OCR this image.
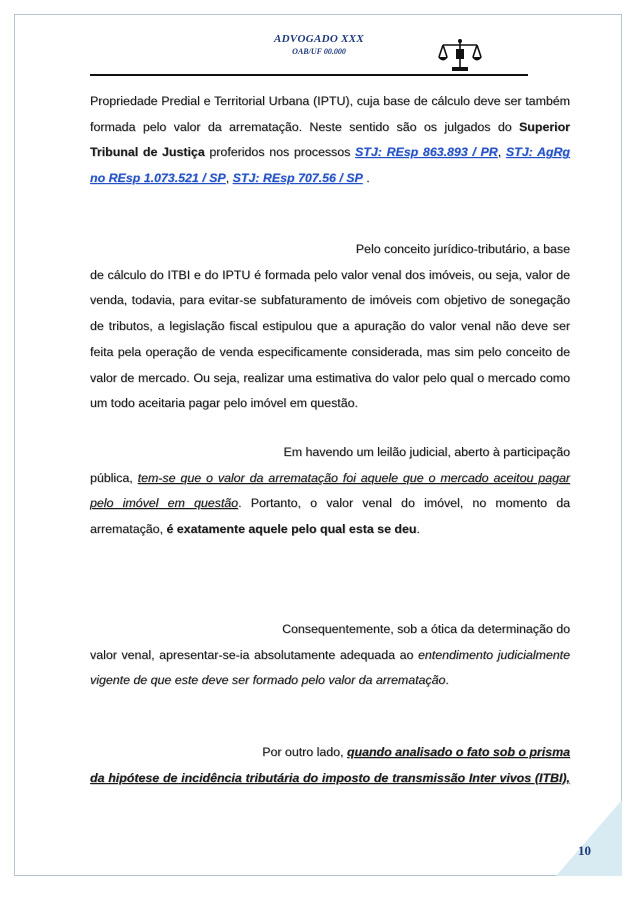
ADVOGADO XXX
OAB/UF 00.000
Propriedade Predial e Territorial Urbana (IPTU), cuja base de cálculo deve ser também
formada pelo valor da arrematação. Neste sentido são os julgados do Superior
Tribunal de Justiça proferidos nos processos STJ: REsp 863.893 / PR, STJ: AgRg
no REsp 1.073.521 / SP, STJ: REsp 707.56 / SP .
Pelo conceito jurídico-tributário, a base
de cálculo do ITBI e do IPTU é formada pelo valor venal dos imóveis, ou seja, valor de
venda, todavia, para evitar-se subfaturamento de imóveis com objetivo de sonegação
de tributos, a legislação fiscal estipulou que a apuração do valor venal não deve ser
feita pela operação de venda especificamente considerada, mas sim pelo conceito de
valor de mercado. Ou seja, realizar uma estimativa do valor pelo qual o mercado como
um todo aceitaria pagar pelo imóvel em questão.
Em havendo um leilão judicial, aberto à participação
pública, tem-se que o valor da arrematação foi aquele que o mercado aceitou pagar
pelo imóvel em questão. Portanto, o valor venal do imóvel, no momento da
arrematação, é exatamente aquele pelo qual esta se deu.
Consequentemente, sob a ótica da determinação do
valor venal, apresentar-se-ia absolutamente adequada ao entendimento judicialmente
vigente de que este deve ser formado pelo valor da arrematação.
Por outro lado, quando analisado o fato sob o prisma
da hipótese de incidência tributária do imposto de transmissão Inter vivos (ITBI),
10
